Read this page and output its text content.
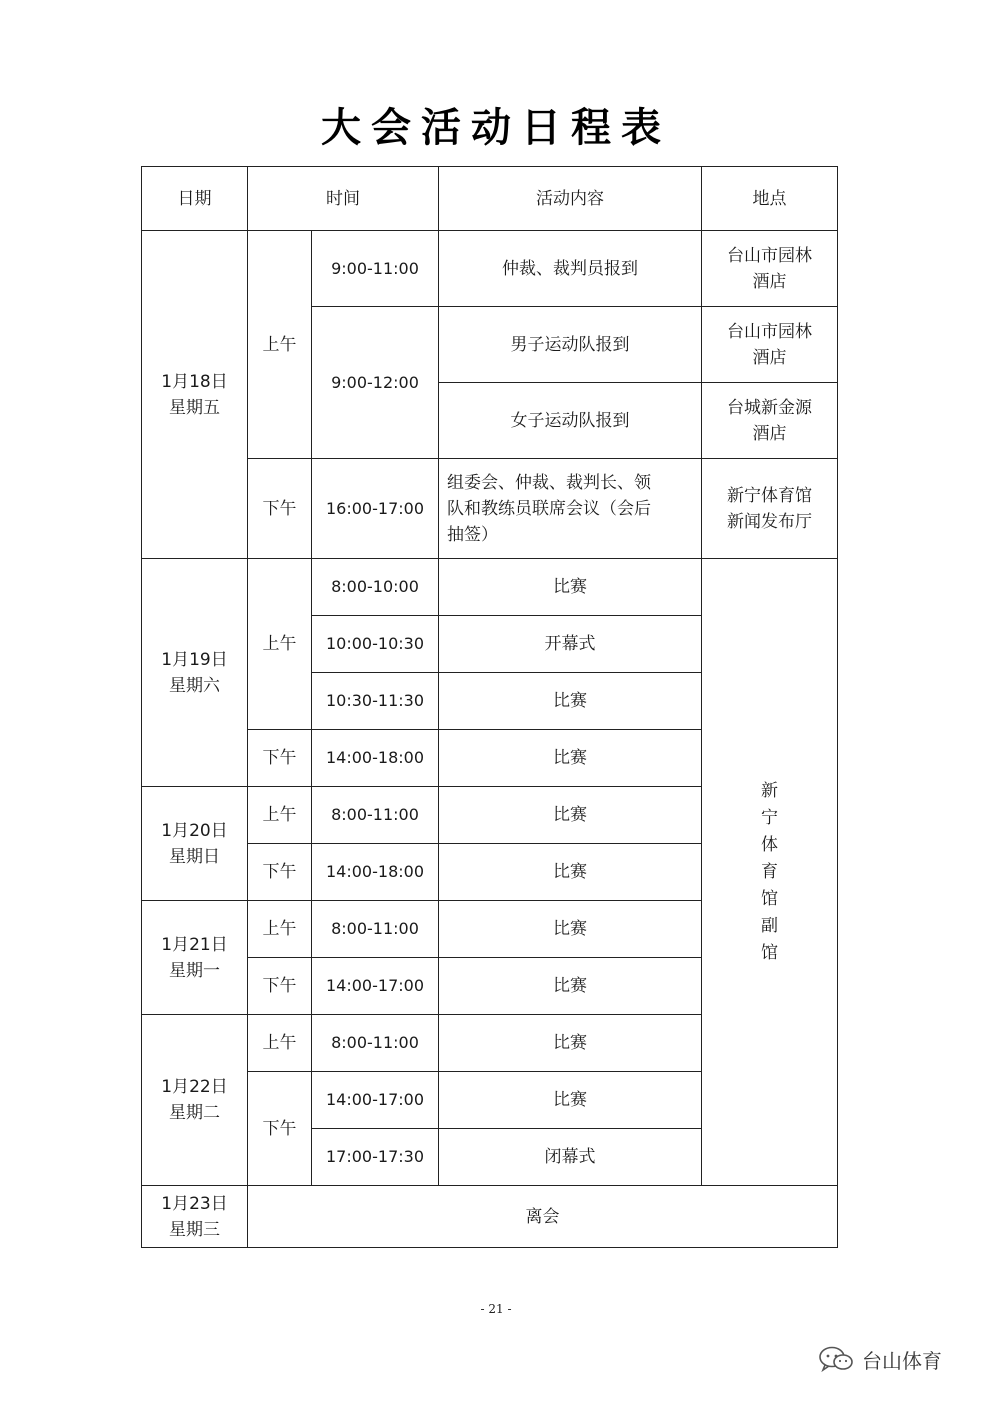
大会活动日程表
日期	时间		活动内容	地点

1月18日
星期五	上午	9:00-11:00	仲裁、裁判员报到	台山市园林
酒店

		9:00-12:00	男子运动队报到	台山市园林
酒店

			女子运动队报到	台城新金源
酒店

	下午	16:00-17:00	组委会、仲裁、裁判长、领
队和教练员联席会议（会后
抽签）	新宁体育馆
新闻发布厅

1月19日
星期六	上午	8:00-10:00	比赛	新宁体育馆副馆
		10:00-10:30	开幕式	
		10:30-11:30	比赛	
	下午	14:00-18:00	比赛	

1月20日
星期日	上午	8:00-11:00	比赛	
	下午	14:00-18:00	比赛	

1月21日
星期一	上午	8:00-11:00	比赛	
	下午	14:00-17:00	比赛	

1月22日
星期二	上午	8:00-11:00	比赛	
	下午	14:00-17:00	比赛	
		17:00-17:30	闭幕式	

1月23日
星期三	离会			
- 21 -
台山体育
